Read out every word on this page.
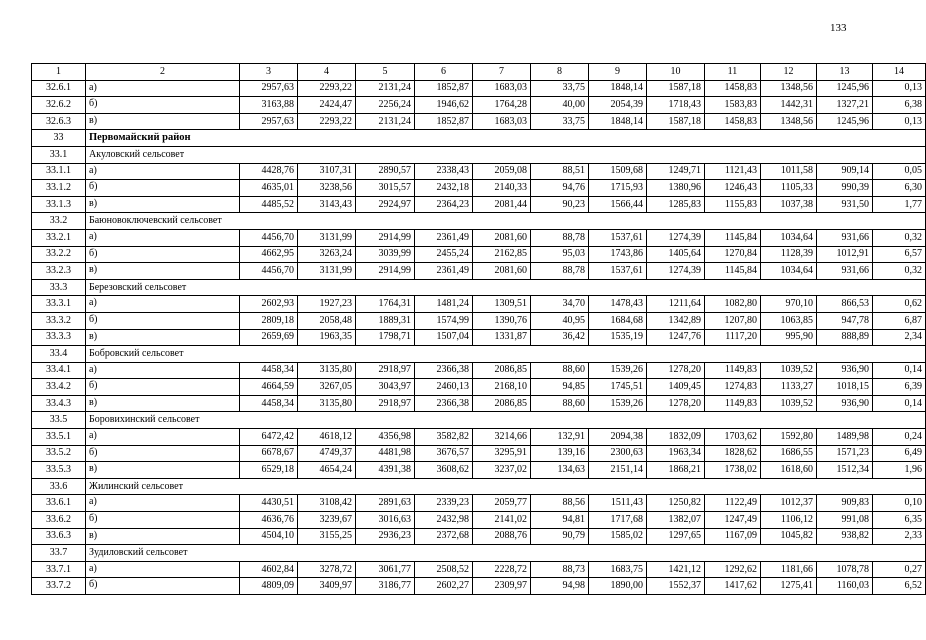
133
1	2	3	4	5	6	7	8	9	10	11	12	13	14
32.6.1	а)	2957,63	2293,22	2131,24	1852,87	1683,03	33,75	1848,14	1587,18	1458,83	1348,56	1245,96	0,13
32.6.2	б)	3163,88	2424,47	2256,24	1946,62	1764,28	40,00	2054,39	1718,43	1583,83	1442,31	1327,21	6,38
32.6.3	в)	2957,63	2293,22	2131,24	1852,87	1683,03	33,75	1848,14	1587,18	1458,83	1348,56	1245,96	0,13
33	Первомайский район												
33.1	Акуловский сельсовет												
33.1.1	а)	4428,76	3107,31	2890,57	2338,43	2059,08	88,51	1509,68	1249,71	1121,43	1011,58	909,14	0,05
33.1.2	б)	4635,01	3238,56	3015,57	2432,18	2140,33	94,76	1715,93	1380,96	1246,43	1105,33	990,39	6,30
33.1.3	в)	4485,52	3143,43	2924,97	2364,23	2081,44	90,23	1566,44	1285,83	1155,83	1037,38	931,50	1,77
33.2	Баюновоключевский сельсовет												
33.2.1	а)	4456,70	3131,99	2914,99	2361,49	2081,60	88,78	1537,61	1274,39	1145,84	1034,64	931,66	0,32
33.2.2	б)	4662,95	3263,24	3039,99	2455,24	2162,85	95,03	1743,86	1405,64	1270,84	1128,39	1012,91	6,57
33.2.3	в)	4456,70	3131,99	2914,99	2361,49	2081,60	88,78	1537,61	1274,39	1145,84	1034,64	931,66	0,32
33.3	Березовский сельсовет												
33.3.1	а)	2602,93	1927,23	1764,31	1481,24	1309,51	34,70	1478,43	1211,64	1082,80	970,10	866,53	0,62
33.3.2	б)	2809,18	2058,48	1889,31	1574,99	1390,76	40,95	1684,68	1342,89	1207,80	1063,85	947,78	6,87
33.3.3	в)	2659,69	1963,35	1798,71	1507,04	1331,87	36,42	1535,19	1247,76	1117,20	995,90	888,89	2,34
33.4	Бобровский сельсовет												
33.4.1	а)	4458,34	3135,80	2918,97	2366,38	2086,85	88,60	1539,26	1278,20	1149,83	1039,52	936,90	0,14
33.4.2	б)	4664,59	3267,05	3043,97	2460,13	2168,10	94,85	1745,51	1409,45	1274,83	1133,27	1018,15	6,39
33.4.3	в)	4458,34	3135,80	2918,97	2366,38	2086,85	88,60	1539,26	1278,20	1149,83	1039,52	936,90	0,14
33.5	Боровихинский сельсовет												
33.5.1	а)	6472,42	4618,12	4356,98	3582,82	3214,66	132,91	2094,38	1832,09	1703,62	1592,80	1489,98	0,24
33.5.2	б)	6678,67	4749,37	4481,98	3676,57	3295,91	139,16	2300,63	1963,34	1828,62	1686,55	1571,23	6,49
33.5.3	в)	6529,18	4654,24	4391,38	3608,62	3237,02	134,63	2151,14	1868,21	1738,02	1618,60	1512,34	1,96
33.6	Жилинский сельсовет												
33.6.1	а)	4430,51	3108,42	2891,63	2339,23	2059,77	88,56	1511,43	1250,82	1122,49	1012,37	909,83	0,10
33.6.2	б)	4636,76	3239,67	3016,63	2432,98	2141,02	94,81	1717,68	1382,07	1247,49	1106,12	991,08	6,35
33.6.3	в)	4504,10	3155,25	2936,23	2372,68	2088,76	90,79	1585,02	1297,65	1167,09	1045,82	938,82	2,33
33.7	Зудиловский сельсовет												
33.7.1	а)	4602,84	3278,72	3061,77	2508,52	2228,72	88,73	1683,75	1421,12	1292,62	1181,66	1078,78	0,27
33.7.2	б)	4809,09	3409,97	3186,77	2602,27	2309,97	94,98	1890,00	1552,37	1417,62	1275,41	1160,03	6,52
